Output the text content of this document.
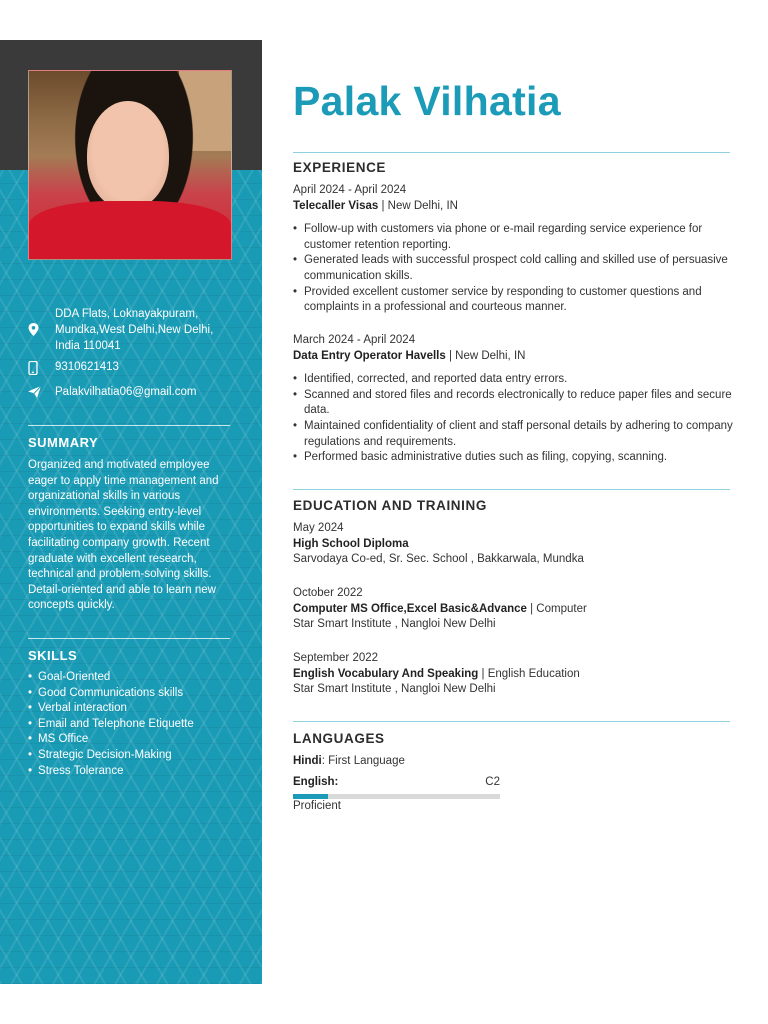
DDA Flats, Loknayakpuram, Mundka,West Delhi,New Delhi, India 110041
9310621413
Palakvilhatia06@gmail.com
SUMMARY
Organized and motivated employee eager to apply time management and organizational skills in various environments. Seeking entry-level opportunities to expand skills while facilitating company growth. Recent graduate with excellent research, technical and problem-solving skills. Detail-oriented and able to learn new concepts quickly.
SKILLS
• Goal-Oriented
• Good Communications skills
• Verbal interaction
• Email and Telephone Etiquette
• MS Office
• Strategic Decision-Making
• Stress Tolerance
Palak Vilhatia
EXPERIENCE
April 2024 - April 2024
Telecaller Visas | New Delhi, IN
• Follow-up with customers via phone or e-mail regarding service experience for customer retention reporting.
• Generated leads with successful prospect cold calling and skilled use of persuasive communication skills.
• Provided excellent customer service by responding to customer questions and complaints in a professional and courteous manner.
March 2024 - April 2024
Data Entry Operator Havells | New Delhi, IN
• Identified, corrected, and reported data entry errors.
• Scanned and stored files and records electronically to reduce paper files and secure data.
• Maintained confidentiality of client and staff personal details by adhering to company regulations and requirements.
• Performed basic administrative duties such as filing, copying, scanning.
EDUCATION AND TRAINING
May 2024
High School Diploma
Sarvodaya Co-ed, Sr. Sec. School , Bakkarwala, Mundka
October 2022
Computer MS Office,Excel Basic&Advance | Computer
Star Smart Institute , Nangloi New Delhi
September 2022
English Vocabulary And Speaking | English Education
Star Smart Institute , Nangloi New Delhi
LANGUAGES
Hindi: First Language
English:	C2
Proficient
